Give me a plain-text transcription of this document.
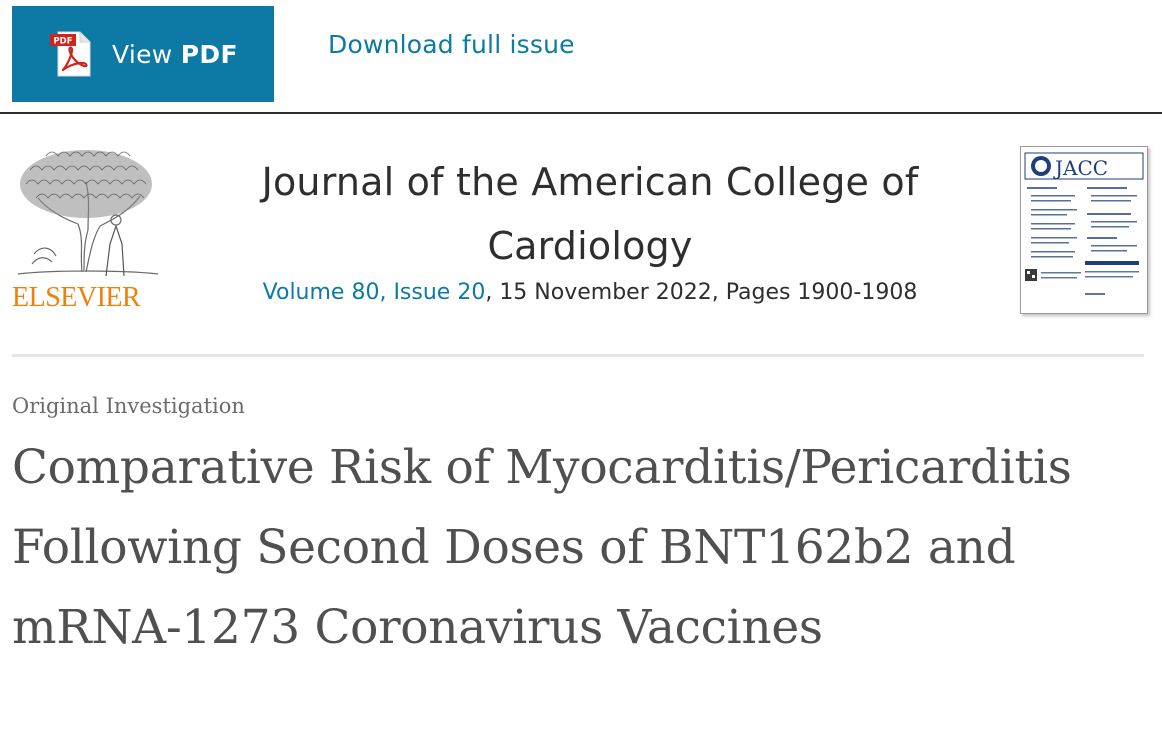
PDF View PDF	Download full issue
ELSEVIER
Journal of the American College of Cardiology
Volume 80, Issue 20, 15 November 2022, Pages 1900-1908
JACC
Original Investigation
Comparative Risk of Myocarditis/Pericarditis Following Second Doses of BNT162b2 and mRNA-1273 Coronavirus Vaccines
